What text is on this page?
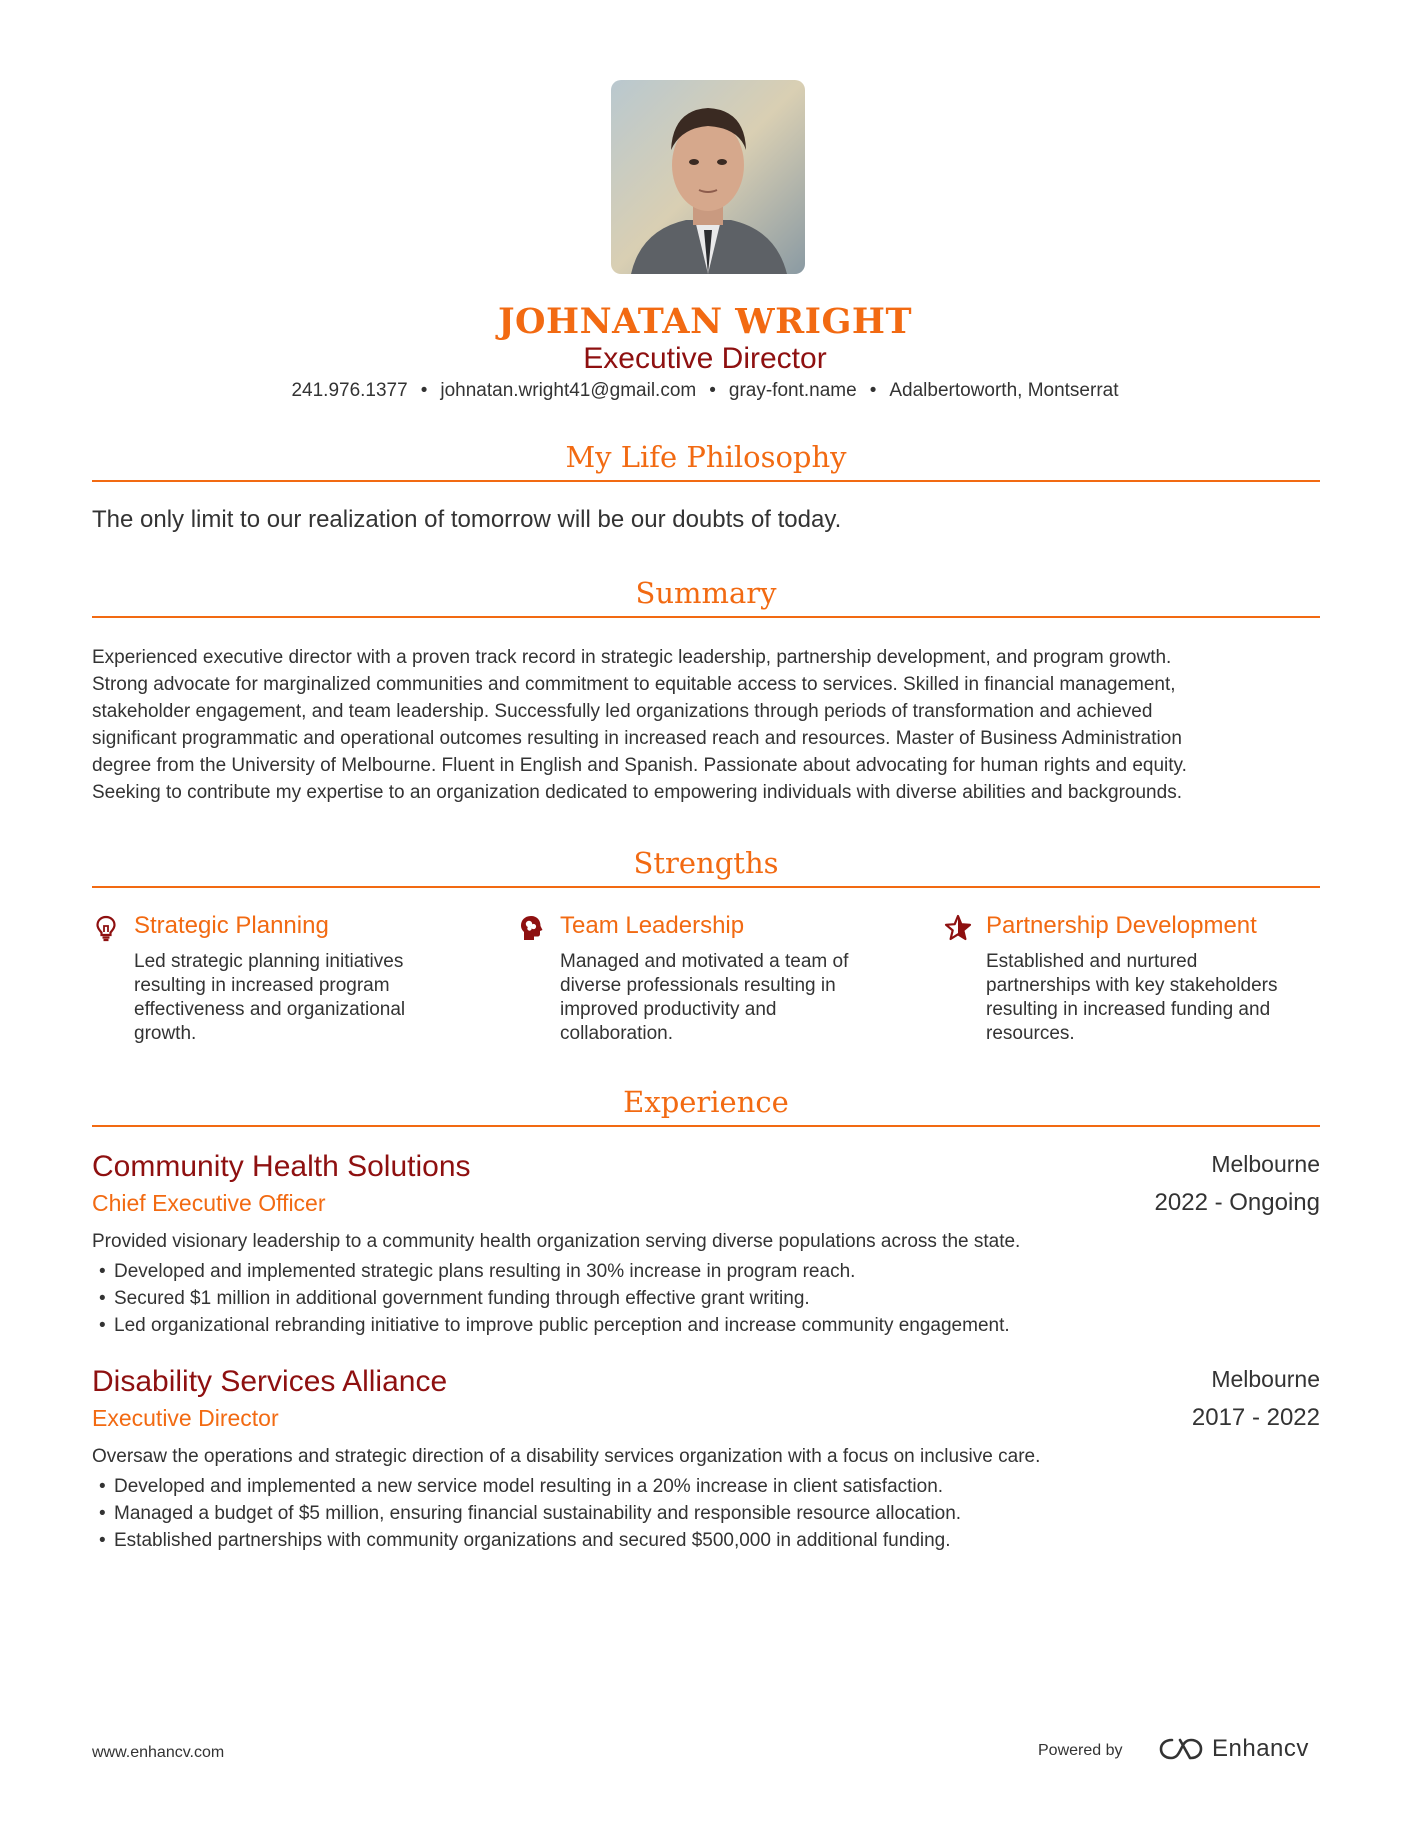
JOHNATAN WRIGHT
Executive Director
241.976.1377 • johnatan.wright41@gmail.com • gray-font.name • Adalbertoworth, Montserrat
My Life Philosophy
The only limit to our realization of tomorrow will be our doubts of today.
Summary
Experienced executive director with a proven track record in strategic leadership, partnership development, and program growth.
Strong advocate for marginalized communities and commitment to equitable access to services. Skilled in financial management,
stakeholder engagement, and team leadership. Successfully led organizations through periods of transformation and achieved
significant programmatic and operational outcomes resulting in increased reach and resources. Master of Business Administration
degree from the University of Melbourne. Fluent in English and Spanish. Passionate about advocating for human rights and equity.
Seeking to contribute my expertise to an organization dedicated to empowering individuals with diverse abilities and backgrounds.
Strengths
Strategic Planning
Led strategic planning initiatives resulting in increased program effectiveness and organizational growth.
Team Leadership
Managed and motivated a team of diverse professionals resulting in improved productivity and collaboration.
Partnership Development
Established and nurtured partnerships with key stakeholders resulting in increased funding and resources.
Experience
Community Health Solutions	Melbourne
Chief Executive Officer	2022 - Ongoing
Provided visionary leadership to a community health organization serving diverse populations across the state.
• Developed and implemented strategic plans resulting in 30% increase in program reach.
• Secured $1 million in additional government funding through effective grant writing.
• Led organizational rebranding initiative to improve public perception and increase community engagement.
Disability Services Alliance	Melbourne
Executive Director	2017 - 2022
Oversaw the operations and strategic direction of a disability services organization with a focus on inclusive care.
• Developed and implemented a new service model resulting in a 20% increase in client satisfaction.
• Managed a budget of $5 million, ensuring financial sustainability and responsible resource allocation.
• Established partnerships with community organizations and secured $500,000 in additional funding.
www.enhancv.com	Powered by	Enhancv
